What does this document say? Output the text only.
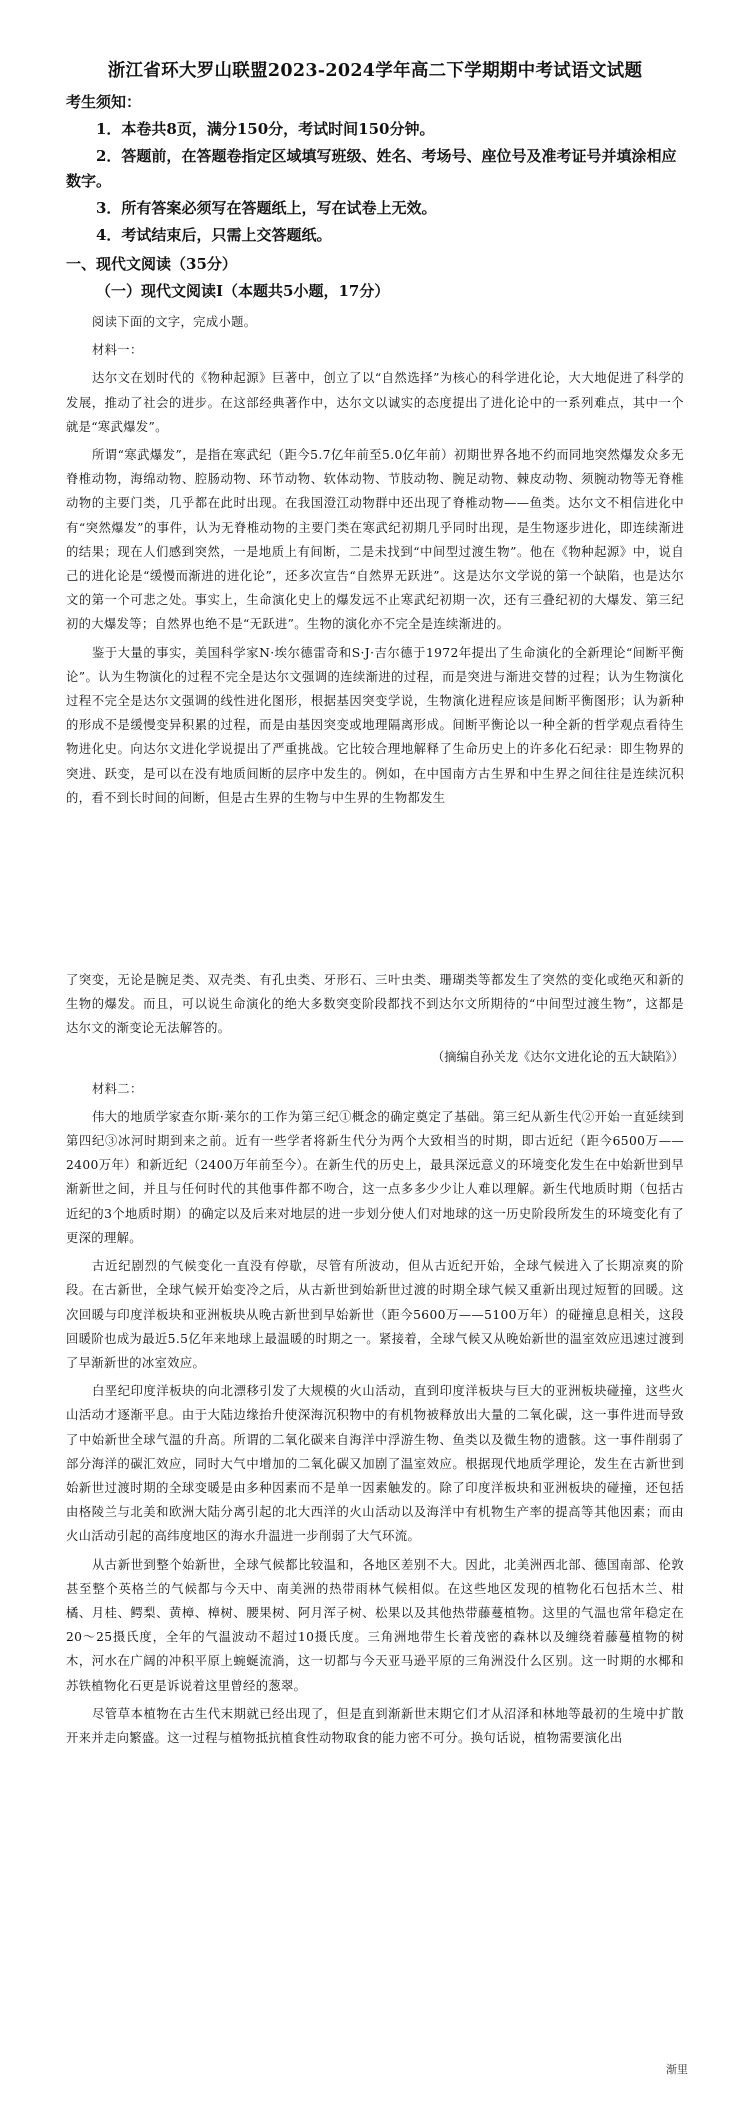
浙江省环大罗山联盟2023-2024学年高二下学期期中考试语文试题
考生须知：
1．本卷共8页，满分150分，考试时间150分钟。
2．答题前，在答题卷指定区域填写班级、姓名、考场号、座位号及准考证号并填涂相应数字。
3．所有答案必须写在答题纸上，写在试卷上无效。
4．考试结束后，只需上交答题纸。
一、现代文阅读（35分）
（一）现代文阅读Ⅰ（本题共5小题，17分）

阅读下面的文字，完成小题。

材料一：

达尔文在划时代的《物种起源》巨著中，创立了以“自然选择”为核心的科学进化论，大大地促进了科学的发展，推动了社会的进步。在这部经典著作中，达尔文以诚实的态度提出了进化论中的一系列难点，其中一个就是“寒武爆发”。

所谓“寒武爆发”，是指在寒武纪（距今5.7亿年前至5.0亿年前）初期世界各地不约而同地突然爆发众多无脊椎动物，海绵动物、腔肠动物、环节动物、软体动物、节肢动物、腕足动物、棘皮动物、须腕动物等无脊椎动物的主要门类，几乎都在此时出现。在我国澄江动物群中还出现了脊椎动物——鱼类。达尔文不相信进化中有“突然爆发”的事件，认为无脊椎动物的主要门类在寒武纪初期几乎同时出现，是生物逐步进化，即连续渐进的结果；现在人们感到突然，一是地质上有间断，二是未找到“中间型过渡生物”。他在《物种起源》中，说自己的进化论是“缓慢而渐进的进化论”，还多次宣告“自然界无跃进”。这是达尔文学说的第一个缺陷，也是达尔文的第一个可悲之处。事实上，生命演化史上的爆发远不止寒武纪初期一次，还有三叠纪初的大爆发、第三纪初的大爆发等；自然界也绝不是“无跃进”。生物的演化亦不完全是连续渐进的。

鉴于大量的事实，美国科学家N·埃尔德雷奇和S·J·吉尔德于1972年提出了生命演化的全新理论“间断平衡论”。认为生物演化的过程不完全是达尔文强调的连续渐进的过程，而是突进与渐进交替的过程；认为生物演化过程不完全是达尔文强调的线性进化图形，根据基因突变学说，生物演化进程应该是间断平衡图形；认为新种的形成不是缓慢变异积累的过程，而是由基因突变或地理隔离形成。间断平衡论以一种全新的哲学观点看待生物进化史。向达尔文进化学说提出了严重挑战。它比较合理地解释了生命历史上的许多化石纪录：即生物界的突进、跃变，是可以在没有地质间断的层序中发生的。例如，在中国南方古生界和中生界之间往往是连续沉积的，看不到长时间的间断，但是古生界的生物与中生界的生物都发生

了突变，无论是腕足类、双壳类、有孔虫类、牙形石、三叶虫类、珊瑚类等都发生了突然的变化或绝灭和新的生物的爆发。而且，可以说生命演化的绝大多数突变阶段都找不到达尔文所期待的“中间型过渡生物”，这都是达尔文的渐变论无法解答的。

（摘编自孙关龙《达尔文进化论的五大缺陷》）

材料二：

伟大的地质学家查尔斯·莱尔的工作为第三纪①概念的确定奠定了基础。第三纪从新生代②开始一直延续到第四纪③冰河时期到来之前。近有一些学者将新生代分为两个大致相当的时期，即古近纪（距今6500万——2400万年）和新近纪（2400万年前至今）。在新生代的历史上，最具深远意义的环境变化发生在中始新世到早渐新世之间，并且与任何时代的其他事件都不吻合，这一点多多少少让人难以理解。新生代地质时期（包括古近纪的3个地质时期）的确定以及后来对地层的进一步划分使人们对地球的这一历史阶段所发生的环境变化有了更深的理解。

古近纪剧烈的气候变化一直没有停歇，尽管有所波动，但从古近纪开始，全球气候进入了长期凉爽的阶段。在古新世，全球气候开始变冷之后，从古新世到始新世过渡的时期全球气候又重新出现过短暂的回暖。这次回暖与印度洋板块和亚洲板块从晚古新世到早始新世（距今5600万——5100万年）的碰撞息息相关，这段回暖阶也成为最近5.5亿年来地球上最温暖的时期之一。紧接着，全球气候又从晚始新世的温室效应迅速过渡到了早渐新世的冰室效应。

白垩纪印度洋板块的向北漂移引发了大规模的火山活动，直到印度洋板块与巨大的亚洲板块碰撞，这些火山活动才逐渐平息。由于大陆边缘抬升使深海沉积物中的有机物被释放出大量的二氧化碳，这一事件进而导致了中始新世全球气温的升高。所谓的二氧化碳来自海洋中浮游生物、鱼类以及微生物的遗骸。这一事件削弱了部分海洋的碳汇效应，同时大气中增加的二氧化碳又加剧了温室效应。根据现代地质学理论，发生在古新世到始新世过渡时期的全球变暖是由多种因素而不是单一因素触发的。除了印度洋板块和亚洲板块的碰撞，还包括由格陵兰与北美和欧洲大陆分离引起的北大西洋的火山活动以及海洋中有机物生产率的提高等其他因素；而由火山活动引起的高纬度地区的海水升温进一步削弱了大气环流。

从古新世到整个始新世，全球气候都比较温和，各地区差别不大。因此，北美洲西北部、德国南部、伦敦甚至整个英格兰的气候都与今天中、南美洲的热带雨林气候相似。在这些地区发现的植物化石包括木兰、柑橘、月桂、鳄梨、黄樟、樟树、腰果树、阿月浑子树、松果以及其他热带藤蔓植物。这里的气温也常年稳定在20～25摄氏度，全年的气温波动不超过10摄氏度。三角洲地带生长着茂密的森林以及缠绕着藤蔓植物的树木，河水在广阔的冲积平原上蜿蜒流淌，这一切都与今天亚马逊平原的三角洲没什么区别。这一时期的水椰和苏铁植物化石更是诉说着这里曾经的葱翠。

尽管草本植物在古生代末期就已经出现了，但是直到渐新世末期它们才从沼泽和林地等最初的生境中扩散开来并走向繁盛。这一过程与植物抵抗植食性动物取食的能力密不可分。换句话说，植物需要演化出

渐里
